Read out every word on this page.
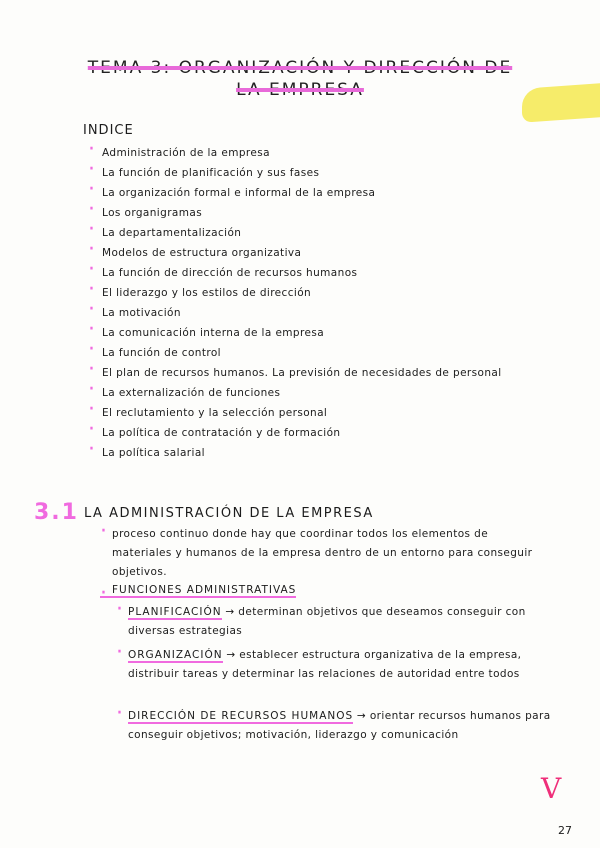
TEMA 3: ORGANIZACIÓN Y DIRECCIÓN DE
LA EMPRESA
INDICE
· Administración de la empresa
· La función de planificación y sus fases
· La organización formal e informal de la empresa
· Los organigramas
· La departamentalización
· Modelos de estructura organizativa
· La función de dirección de recursos humanos
· El liderazgo y los estilos de dirección
· La motivación
· La comunicación interna de la empresa
· La función de control
· El plan de recursos humanos. La previsión de necesidades de personal
· La externalización de funciones
· El reclutamiento y la selección personal
· La política de contratación y de formación
· La política salarial
3.1 LA ADMINISTRACIÓN DE LA EMPRESA
· proceso continuo donde hay que coordinar todos los elementos de materiales y humanos de la empresa dentro de un entorno para conseguir objetivos.
· FUNCIONES ADMINISTRATIVAS
· PLANIFICACIÓN → determinan objetivos que deseamos conseguir con diversas estrategias
· ORGANIZACIÓN → establecer estructura organizativa de la empresa, distribuir tareas y determinar las relaciones de autoridad entre todos
· DIRECCIÓN DE RECURSOS HUMANOS → orientar recursos humanos para conseguir objetivos; motivación, liderazgo y comunicación
V
27
